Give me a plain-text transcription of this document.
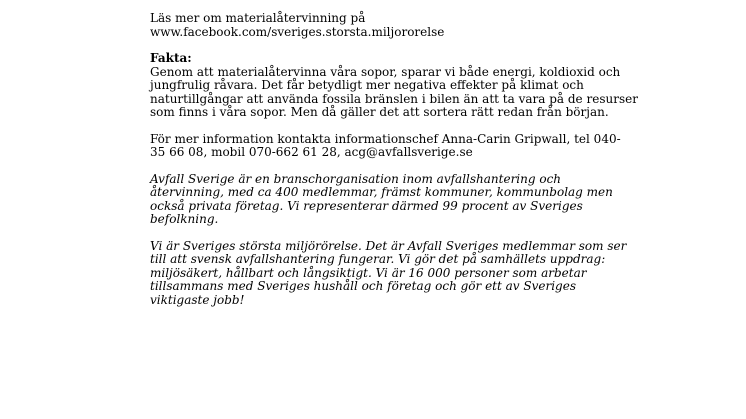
Läs mer om materialåtervinning på
www.facebook.com/sveriges.storsta.miljororelse
Fakta:
Genom att materialåtervinna våra sopor, sparar vi både energi, koldioxid och
jungfrulig råvara. Det får betydligt mer negativa effekter på klimat och
naturtillgångar att använda fossila bränslen i bilen än att ta vara på de resurser
som finns i våra sopor. Men då gäller det att sortera rätt redan från början.
För mer information kontakta informationschef Anna-Carin Gripwall, tel 040-
35 66 08, mobil 070-662 61 28, acg@avfallsverige.se
Avfall Sverige är en branschorganisation inom avfallshantering och
återvinning, med ca 400 medlemmar, främst kommuner, kommunbolag men
också privata företag. Vi representerar därmed 99 procent av Sveriges
befolkning.
Vi är Sveriges största miljörörelse. Det är Avfall Sveriges medlemmar som ser
till att svensk avfallshantering fungerar. Vi gör det på samhällets uppdrag:
miljösäkert, hållbart och långsiktigt. Vi är 16 000 personer som arbetar
tillsammans med Sveriges hushåll och företag och gör ett av Sveriges
viktigaste jobb!
